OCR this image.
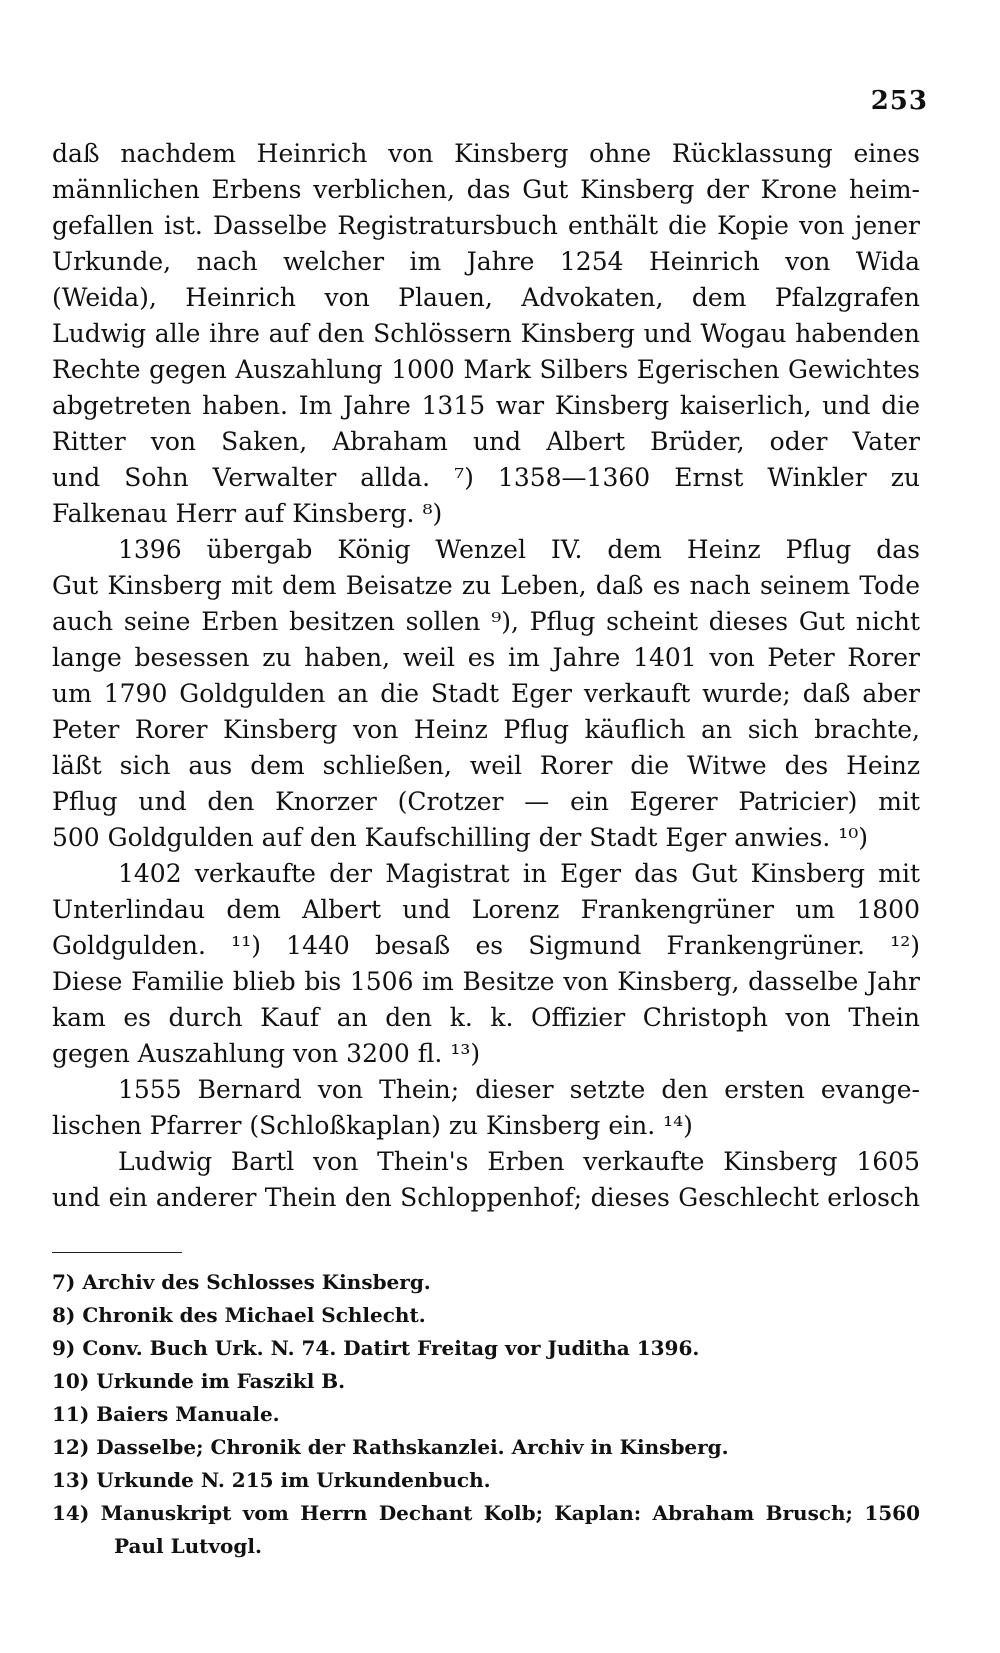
253
daß nachdem Heinrich von Kinsberg ohne Rücklassung eines
männlichen Erbens verblichen, das Gut Kinsberg der Krone heim-
gefallen ist. Dasselbe Registratursbuch enthält die Kopie von jener
Urkunde, nach welcher im Jahre 1254 Heinrich von Wida
(Weida), Heinrich von Plauen, Advokaten, dem Pfalzgrafen
Ludwig alle ihre auf den Schlössern Kinsberg und Wogau habenden
Rechte gegen Auszahlung 1000 Mark Silbers Egerischen Gewichtes
abgetreten haben. Im Jahre 1315 war Kinsberg kaiserlich, und die
Ritter von Saken, Abraham und Albert Brüder, oder Vater
und Sohn Verwalter allda. ⁷) 1358—1360 Ernst Winkler zu
Falkenau Herr auf Kinsberg. ⁸)
1396 übergab König Wenzel IV. dem Heinz Pflug das
Gut Kinsberg mit dem Beisatze zu Leben, daß es nach seinem Tode
auch seine Erben besitzen sollen ⁹), Pflug scheint dieses Gut nicht
lange besessen zu haben, weil es im Jahre 1401 von Peter Rorer
um 1790 Goldgulden an die Stadt Eger verkauft wurde; daß aber
Peter Rorer Kinsberg von Heinz Pflug käuflich an sich brachte,
läßt sich aus dem schließen, weil Rorer die Witwe des Heinz
Pflug und den Knorzer (Crotzer — ein Egerer Patricier) mit
500 Goldgulden auf den Kaufschilling der Stadt Eger anwies. ¹⁰)
1402 verkaufte der Magistrat in Eger das Gut Kinsberg mit
Unterlindau dem Albert und Lorenz Frankengrüner um 1800
Goldgulden. ¹¹) 1440 besaß es Sigmund Frankengrüner. ¹²)
Diese Familie blieb bis 1506 im Besitze von Kinsberg, dasselbe Jahr
kam es durch Kauf an den k. k. Offizier Christoph von Thein
gegen Auszahlung von 3200 fl. ¹³)
1555 Bernard von Thein; dieser setzte den ersten evange-
lischen Pfarrer (Schloßkaplan) zu Kinsberg ein. ¹⁴)
Ludwig Bartl von Thein's Erben verkaufte Kinsberg 1605
und ein anderer Thein den Schloppenhof; dieses Geschlecht erlosch
7) Archiv des Schlosses Kinsberg.
8) Chronik des Michael Schlecht.
9) Conv. Buch Urk. N. 74. Datirt Freitag vor Juditha 1396.
10) Urkunde im Faszikl B.
11) Baiers Manuale.
12) Dasselbe; Chronik der Rathskanzlei. Archiv in Kinsberg.
13) Urkunde N. 215 im Urkundenbuch.
14) Manuskript vom Herrn Dechant Kolb; Kaplan: Abraham Brusch; 1560
Paul Lutvogl.
